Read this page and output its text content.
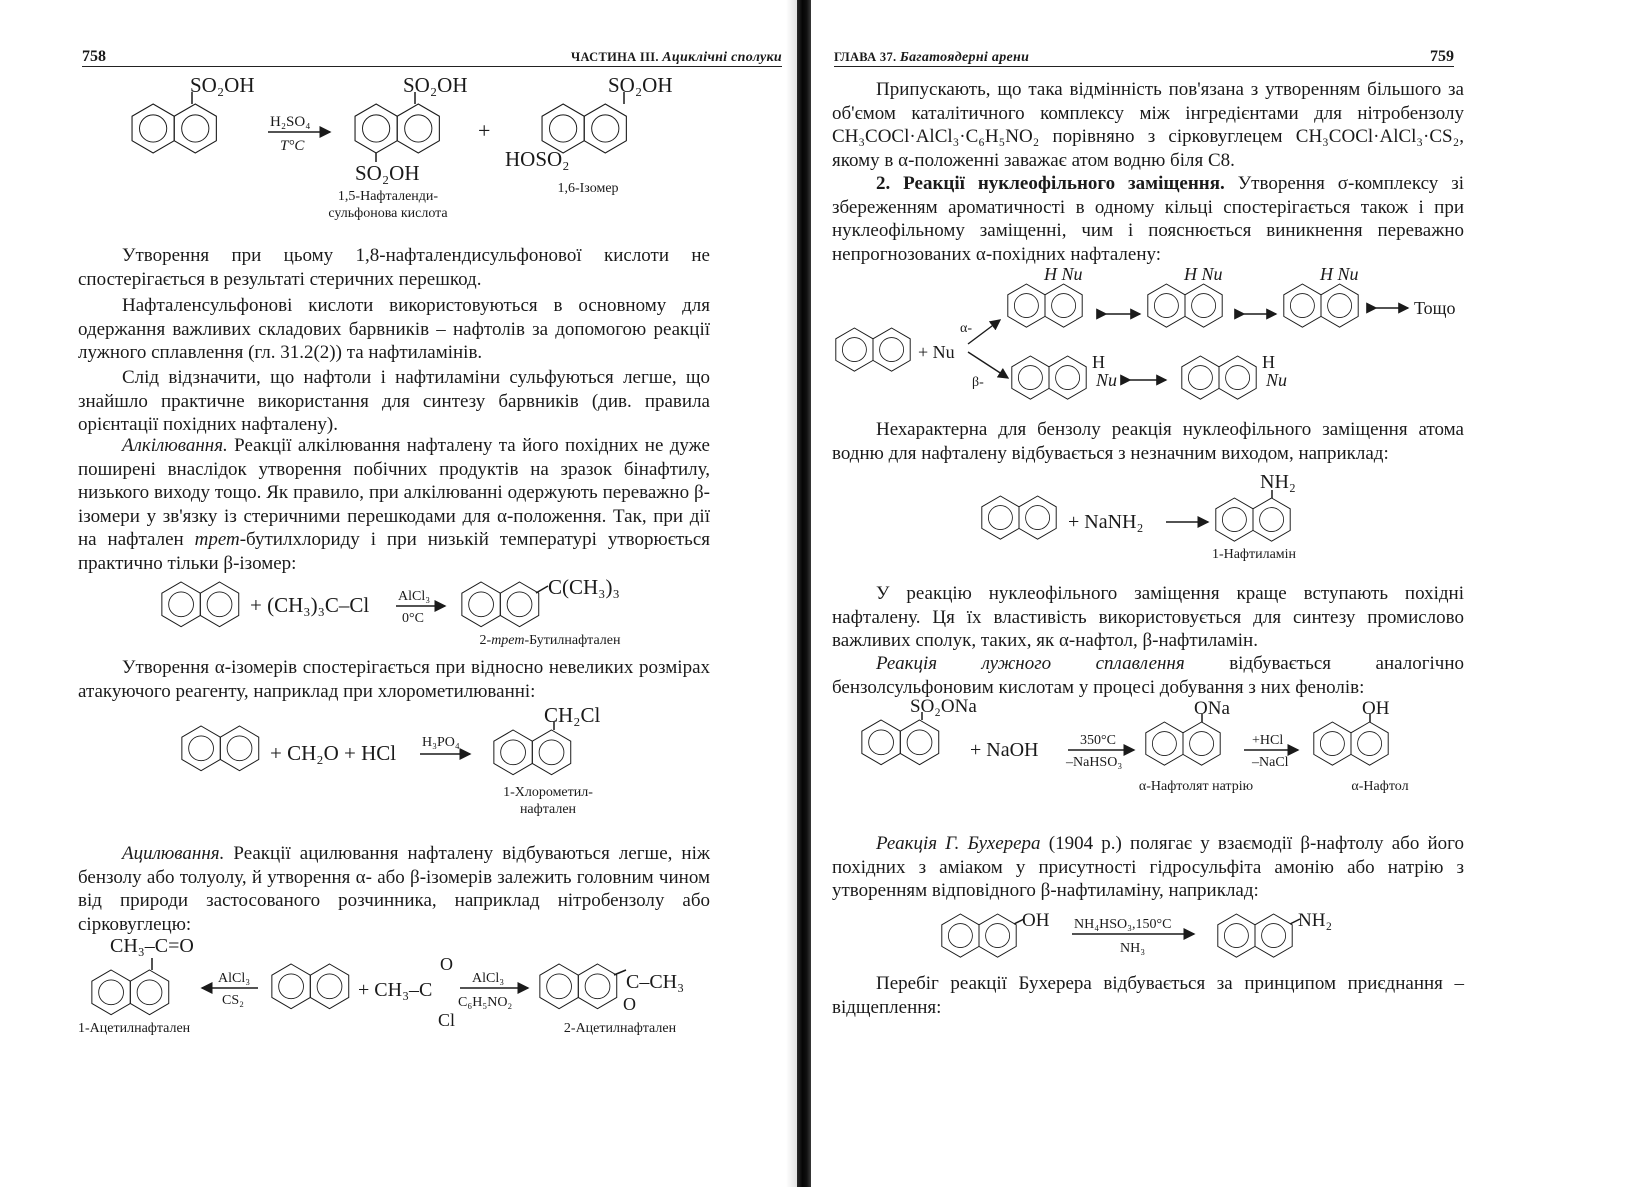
758	ЧАСТИНА ІІІ. Ациклічні сполуки
SO₂OH
H₂SO₄
T°C
SO₂OH
SO₂OH
+
SO₂OH
HOSO₂
1,5-Нафталенди- сульфонова кислота
1,6-Ізомер

Утворення при цьому 1,8-нафталендисульфонової кислоти не спостерігається в результаті стеричних перешкод.

Нафталенсульфонові кислоти використовуються в основному для одержання важливих складових барвників – нафтолів за допомогою реакції лужного сплавлення (гл. 31.2(2)) та нафтиламінів.

Слід відзначити, що нафтоли і нафтиламіни сульфуються легше, що знайшло практичне використання для синтезу барвників (див. правила орієнтації похідних нафталену).

Алкілювання. Реакції алкілювання нафталену та його похідних не дуже поширені внаслідок утворення побічних продуктів на зразок бінафтилу, низького виходу тощо. Як правило, при алкілюванні одержують переважно β-ізомери у зв'язку із стеричними перешкодами для α-положення. Так, при дії на нафтален трет-бутилхлориду і при низькій температурі утворюється практично тільки β-ізомер:

+ (CH₃)₃C–Cl AlCl₃
0°C
C(CH₃)₃
2-трет-Бутилнафтален

Утворення α-ізомерів спостерігається при відносно невеликих розмірах атакуючого реагенту, наприклад при хлорометилюванні:

+ CH₂O + HCl H₃PO₄
CH₂Cl
1-Хлорометил- нафтален

Ацилювання. Реакції ацилювання нафталену відбуваються легше, ніж бензолу або толуолу, й утворення α- або β-ізомерів залежить головним чином від природи застосованого розчинника, наприклад нітробензолу або сірковуглецю:

CH₃–C=O
AlCl₃
CS₂	+ CH₃–C
O
Cl
AlCl₃
C₆H₅NO₂
C–CH₃
O
1-Ацетилнафтален	2-Ацетилнафтален
ГЛАВА 37. Багатоядерні арени	759

Припускають, що така відмінність пов'язана з утворенням більшого за об'ємом каталітичного комплексу між інгредієнтами для нітробензолу CH₃COCl·AlCl₃·C₆H₅NO₂ порівняно з сірковуглецем CH₃COCl·AlCl₃·CS₂, якому в α-положенні заважає атом водню біля C8.

2. Реакції нуклеофільного заміщення. Утворення σ-комплексу зі збереженням ароматичності в одному кільці спостерігається також і при нуклеофільному заміщенні, чим і пояснюється виникнення переважно непрогнозованих α-похідних нафталену:

+ Nu
α-
β-
H Nu	H Nu	H Nu
Тощо
H
Nu
H
Nu

Нехарактерна для бензолу реакція нуклеофільного заміщення атома водню для нафталену відбувається з незначним виходом, наприклад:

+ NaNH₂
NH₂
1-Нафтиламін

У реакцію нуклеофільного заміщення краще вступають похідні нафталену. Ця їх властивість використовується для синтезу промислово важливих сполук, таких, як α-нафтол, β-нафтиламін.

Реакція лужного сплавлення відбувається аналогічно бензолсульфоновим кислотам у процесі добування з них фенолів:

SO₂ONa
+ NaOH	350°C
–NaHSO₃
ONa
+HCl
–NaCl
OH
α-Нафтолят натрію	α-Нафтол

Реакція Г. Бухерера (1904 р.) полягає у взаємодії β-нафтолу або його похідних з аміаком у присутності гідросульфіта амонію або натрію з утворенням відповідного β-нафтиламіну, наприклад:

OH NH₄HSO₃,150°C
NH₃
NH₂

Перебіг реакції Бухерера відбувається за принципом приєднання – відщеплення:
